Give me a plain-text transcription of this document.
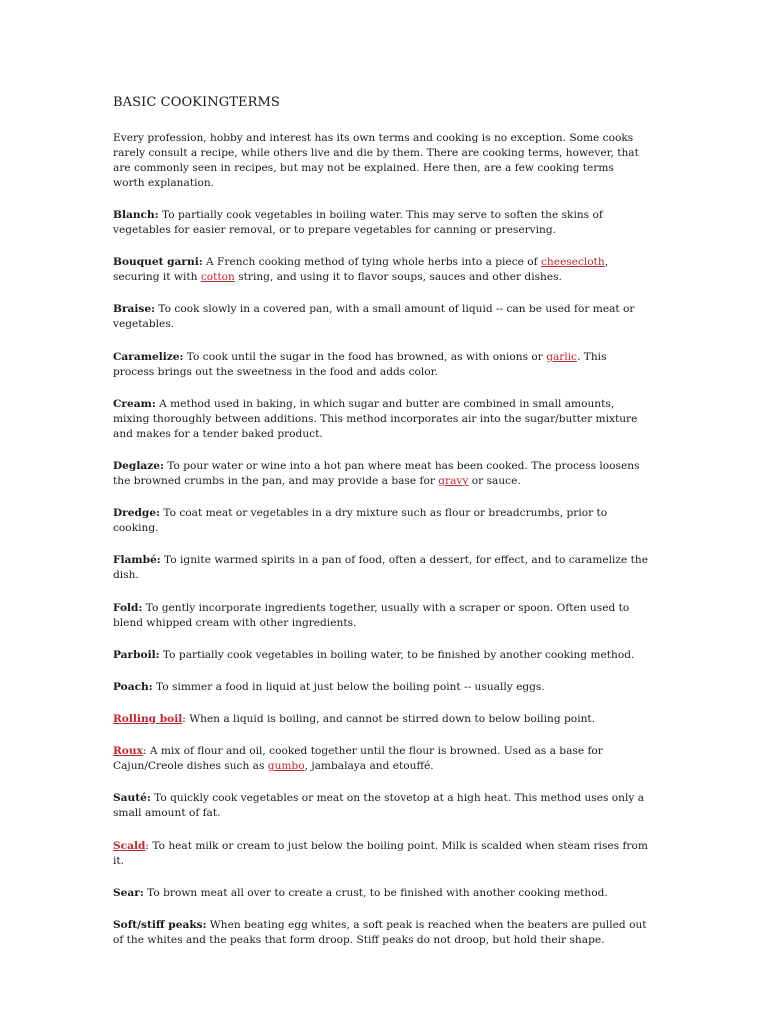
BASIC COOKINGTERMS

Every profession, hobby and interest has its own terms and cooking is no exception. Some cooks rarely consult a recipe, while others live and die by them. There are cooking terms, however, that are commonly seen in recipes, but may not be explained. Here then, are a few cooking terms worth explanation.

Blanch: To partially cook vegetables in boiling water. This may serve to soften the skins of vegetables for easier removal, or to prepare vegetables for canning or preserving.

Bouquet garni: A French cooking method of tying whole herbs into a piece of cheesecloth, securing it with cotton string, and using it to flavor soups, sauces and other dishes.

Braise: To cook slowly in a covered pan, with a small amount of liquid -- can be used for meat or vegetables.

Caramelize: To cook until the sugar in the food has browned, as with onions or garlic. This process brings out the sweetness in the food and adds color.

Cream: A method used in baking, in which sugar and butter are combined in small amounts, mixing thoroughly between additions. This method incorporates air into the sugar/butter mixture and makes for a tender baked product.

Deglaze: To pour water or wine into a hot pan where meat has been cooked. The process loosens the browned crumbs in the pan, and may provide a base for gravy or sauce.

Dredge: To coat meat or vegetables in a dry mixture such as flour or breadcrumbs, prior to cooking.

Flambé: To ignite warmed spirits in a pan of food, often a dessert, for effect, and to caramelize the dish.

Fold: To gently incorporate ingredients together, usually with a scraper or spoon. Often used to blend whipped cream with other ingredients.

Parboil: To partially cook vegetables in boiling water, to be finished by another cooking method.

Poach: To simmer a food in liquid at just below the boiling point -- usually eggs.

Rolling boil: When a liquid is boiling, and cannot be stirred down to below boiling point.

Roux: A mix of flour and oil, cooked together until the flour is browned. Used as a base for Cajun/Creole dishes such as gumbo, jambalaya and etouffé.

Sauté: To quickly cook vegetables or meat on the stovetop at a high heat. This method uses only a small amount of fat.

Scald: To heat milk or cream to just below the boiling point. Milk is scalded when steam rises from it.

Sear: To brown meat all over to create a crust, to be finished with another cooking method.

Soft/stiff peaks: When beating egg whites, a soft peak is reached when the beaters are pulled out of the whites and the peaks that form droop. Stiff peaks do not droop, but hold their shape.
